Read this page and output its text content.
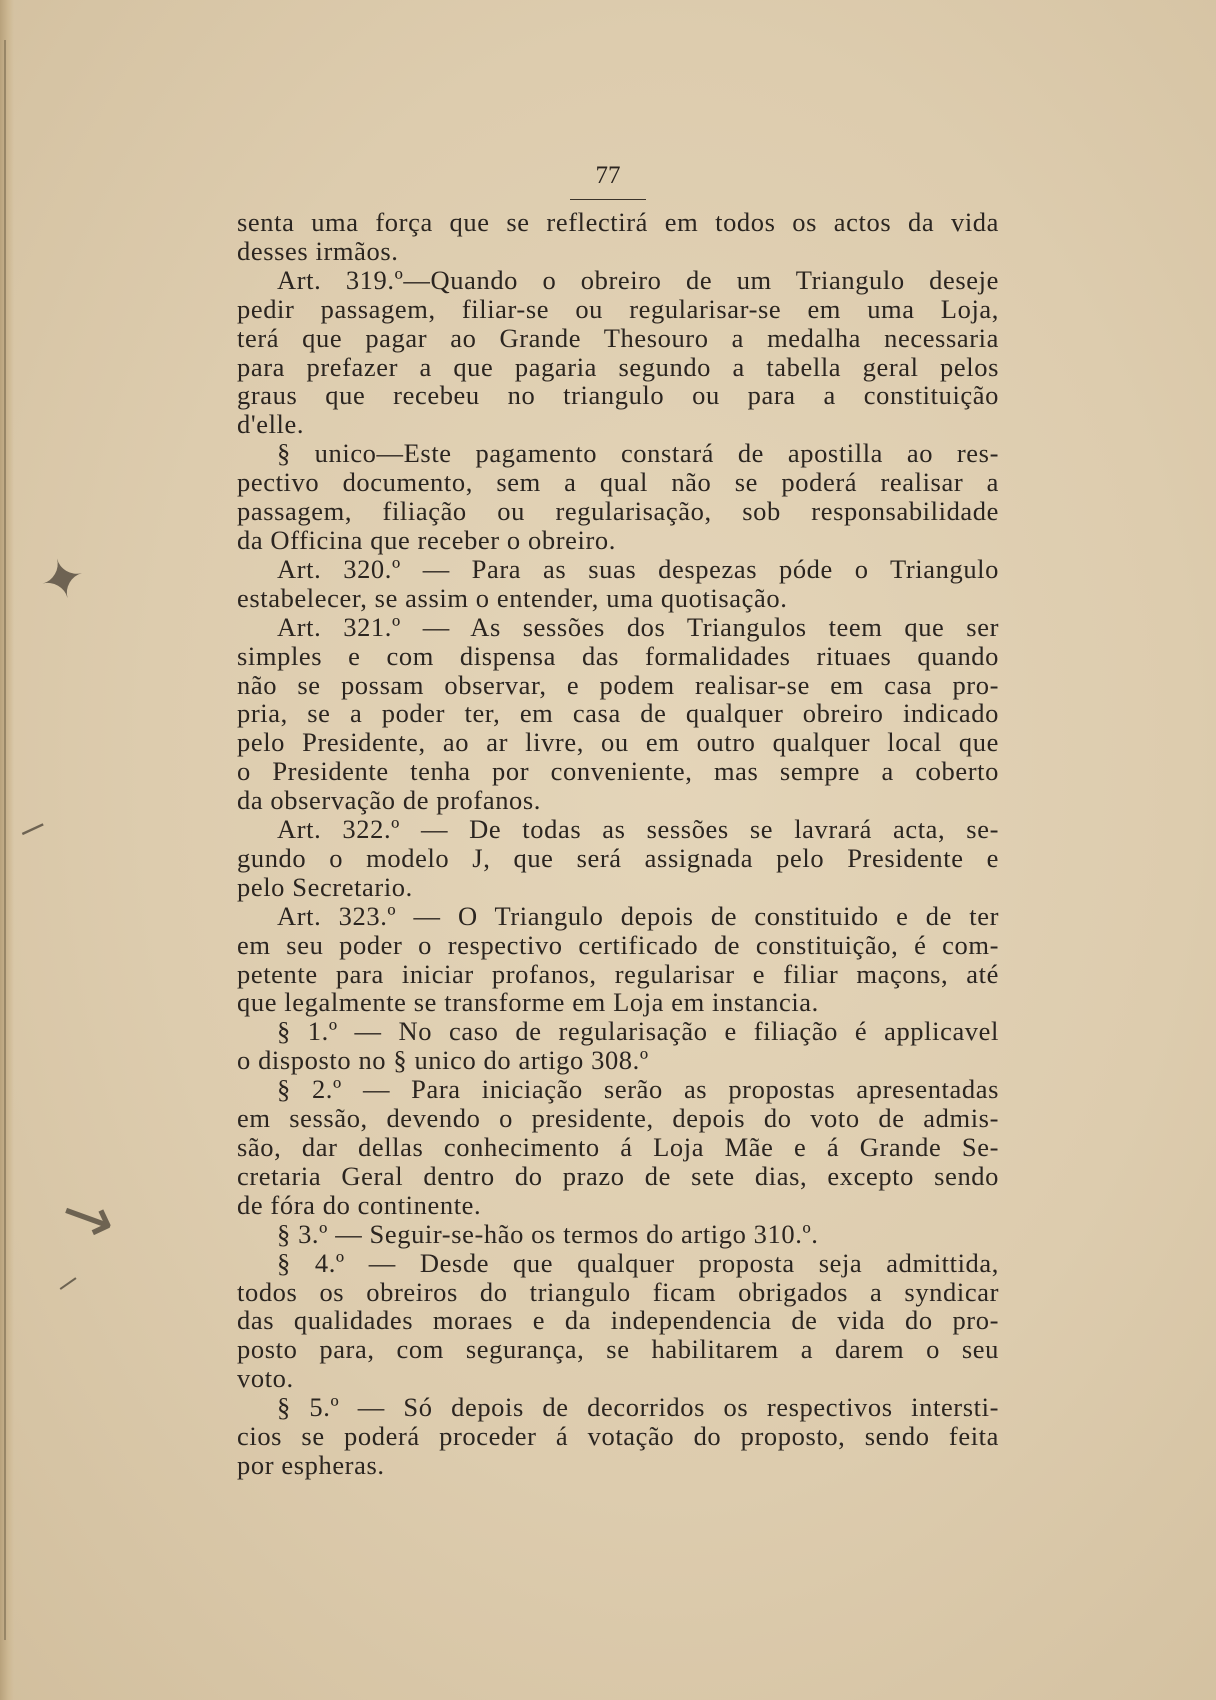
✦
⸝
↘
⸝
77
senta uma força que se reflectirá em todos os actos da vida
desses irmãos.
Art. 319.º—Quando o obreiro de um Triangulo deseje
pedir passagem, filiar-se ou regularisar-se em uma Loja,
terá que pagar ao Grande Thesouro a medalha necessaria
para prefazer a que pagaria segundo a tabella geral pelos
graus que recebeu no triangulo ou para a constituição
d'elle.
§ unico—Este pagamento constará de apostilla ao res-
pectivo documento, sem a qual não se poderá realisar a
passagem, filiação ou regularisação, sob responsabilidade
da Officina que receber o obreiro.
Art. 320.º — Para as suas despezas póde o Triangulo
estabelecer, se assim o entender, uma quotisação.
Art. 321.º — As sessões dos Triangulos teem que ser
simples e com dispensa das formalidades rituaes quando
não se possam observar, e podem realisar-se em casa pro-
pria, se a poder ter, em casa de qualquer obreiro indicado
pelo Presidente, ao ar livre, ou em outro qualquer local que
o Presidente tenha por conveniente, mas sempre a coberto
da observação de profanos.
Art. 322.º — De todas as sessões se lavrará acta, se-
gundo o modelo J, que será assignada pelo Presidente e
pelo Secretario.
Art. 323.º — O Triangulo depois de constituido e de ter
em seu poder o respectivo certificado de constituição, é com-
petente para iniciar profanos, regularisar e filiar maçons, até
que legalmente se transforme em Loja em instancia.
§ 1.º — No caso de regularisação e filiação é applicavel
o disposto no § unico do artigo 308.º
§ 2.º — Para iniciação serão as propostas apresentadas
em sessão, devendo o presidente, depois do voto de admis-
são, dar dellas conhecimento á Loja Mãe e á Grande Se-
cretaria Geral dentro do prazo de sete dias, excepto sendo
de fóra do continente.
§ 3.º — Seguir-se-hão os termos do artigo 310.º.
§ 4.º — Desde que qualquer proposta seja admittida,
todos os obreiros do triangulo ficam obrigados a syndicar
das qualidades moraes e da independencia de vida do pro-
posto para, com segurança, se habilitarem a darem o seu
voto.
§ 5.º — Só depois de decorridos os respectivos intersti-
cios se poderá proceder á votação do proposto, sendo feita
por espheras.
